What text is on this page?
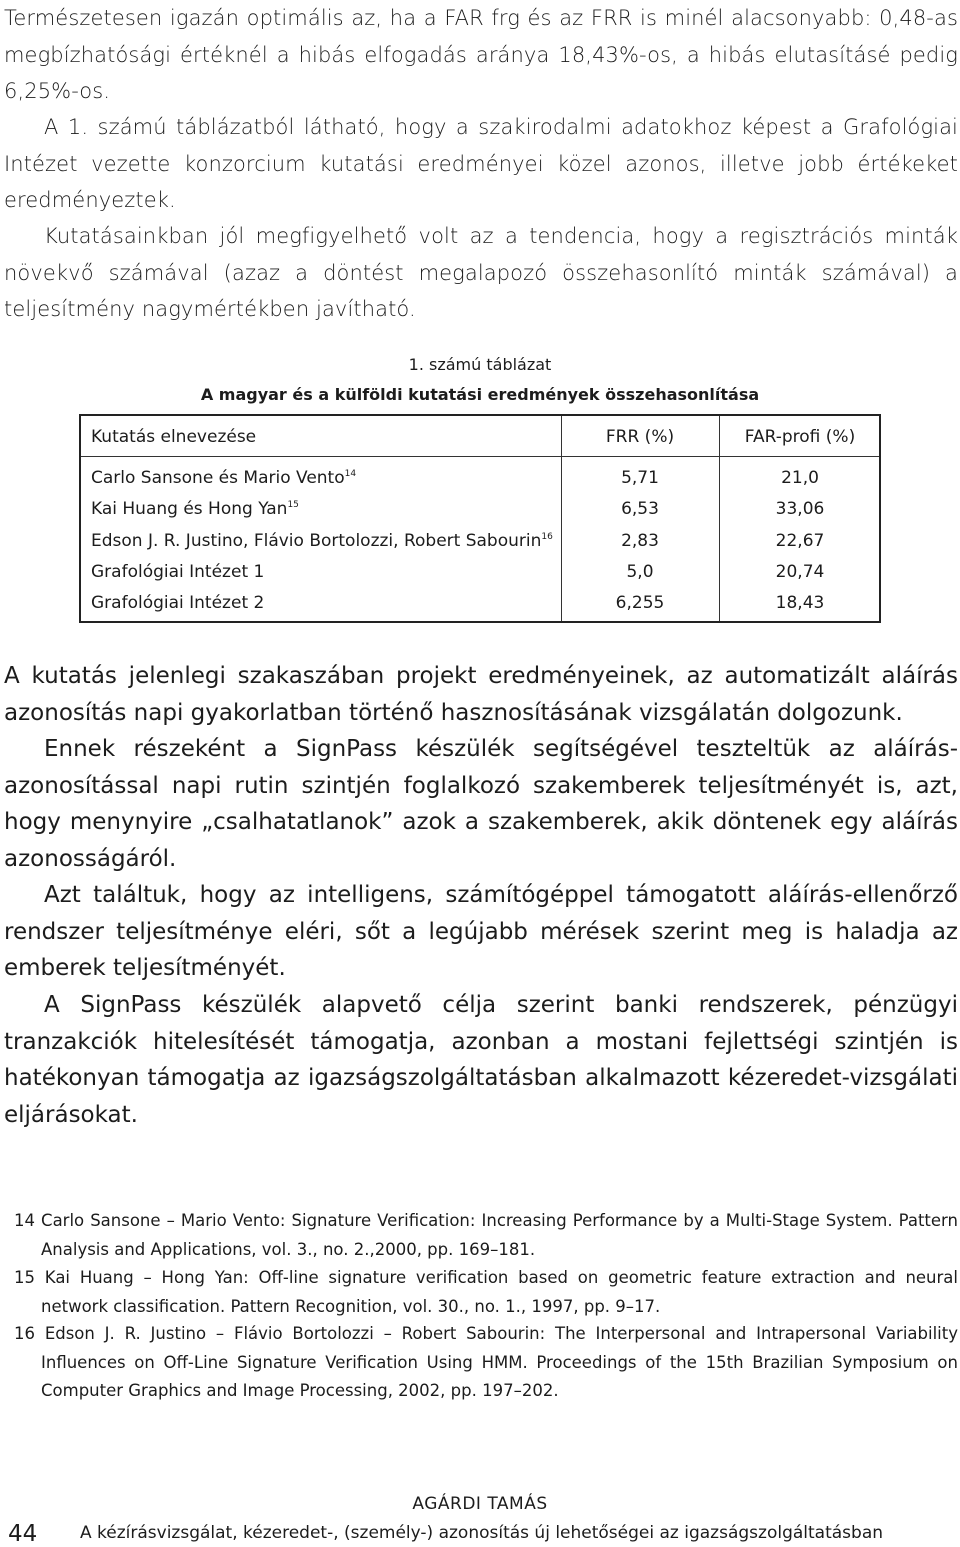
Természetesen igazán optimális az, ha a FAR frg és az FRR is minél alacsonyabb: 0,48-as megbízhatósági értéknél a hibás elfogadás aránya 18,43%-os, a hibás elutasításé pedig 6,25%-os.

A 1. számú táblázatból látható, hogy a szakirodalmi adatokhoz képest a Grafológiai Intézet vezette konzorcium kutatási eredményei közel azonos, illetve jobb értékeket eredményeztek.

Kutatásainkban jól megfigyelhető volt az a tendencia, hogy a regisztrációs minták növekvő számával (azaz a döntést megalapozó összehasonlító minták számával) a teljesítmény nagymértékben javítható.

1. számú táblázat

A magyar és a külföldi kutatási eredmények összehasonlítása

Kutatás elnevezése	FRR (%)	FAR-profi (%)
Carlo Sansone és Mario Vento$^{14}$	5,71	21,0
Kai Huang és Hong Yan$^{15}$	6,53	33,06
Edson J. R. Justino, Flávio Bortolozzi, Robert Sabourin$^{16}$	2,83	22,67
Grafológiai Intézet 1	5,0	20,74
Grafológiai Intézet 2	6,255	18,43

A kutatás jelenlegi szakaszában projekt eredményeinek, az automatizált aláírás azonosítás napi gyakorlatban történő hasznosításának vizsgálatán dolgozunk.

Ennek részeként a SignPass készülék segítségével teszteltük az aláírás-azonosítással napi rutin szintjén foglalkozó szakemberek teljesítményét is, azt, hogy menynyire „csalhatatlanok” azok a szakemberek, akik döntenek egy aláírás azonosságáról.

Azt találtuk, hogy az intelligens, számítógéppel támogatott aláírás-ellenőrző rendszer teljesítménye eléri, sőt a legújabb mérések szerint meg is haladja az emberek teljesítményét.

A SignPass készülék alapvető célja szerint banki rendszerek, pénzügyi tranzakciók hitelesítését támogatja, azonban a mostani fejlettségi szintjén is hatékonyan támogatja az igazságszolgáltatásban alkalmazott kézeredet-vizsgálati eljárásokat.

14 Carlo Sansone – Mario Vento: Signature Verification: Increasing Performance by a Multi-Stage System. Pattern Analysis and Applications, vol. 3., no. 2.,2000, pp. 169–181.

15 Kai Huang – Hong Yan: Off-line signature verification based on geometric feature extraction and neural network classification. Pattern Recognition, vol. 30., no. 1., 1997, pp. 9–17.

16 Edson J. R. Justino – Flávio Bortolozzi – Robert Sabourin: The Interpersonal and Intrapersonal Variability Influences on Off-Line Signature Verification Using HMM. Proceedings of the 15th Brazilian Symposium on Computer Graphics and Image Processing, 2002, pp. 197–202.

AGÁRDI TAMÁS
44	A kézírásvizsgálat, kézeredet-, (személy-) azonosítás új lehetőségei az igazságszolgáltatásban
